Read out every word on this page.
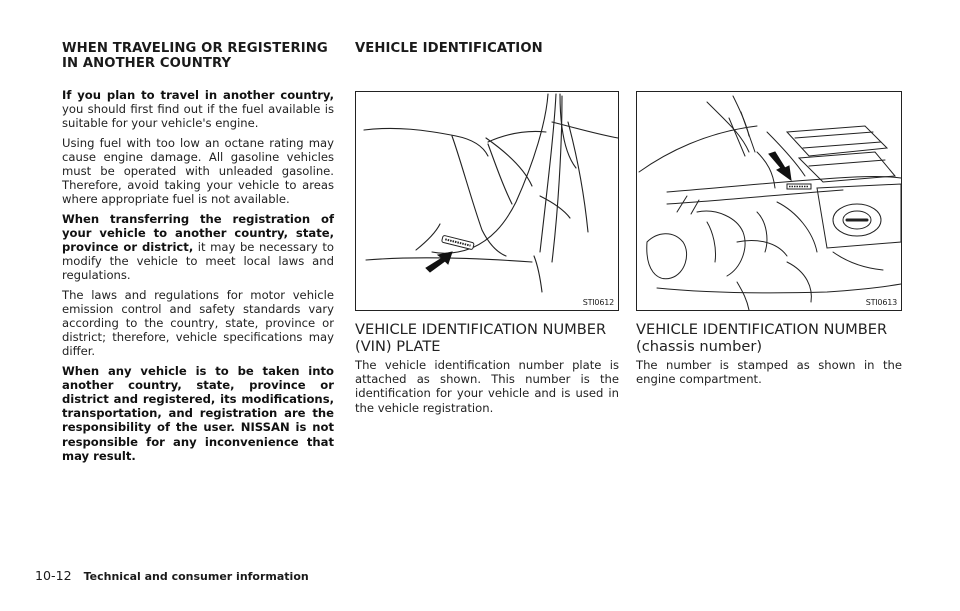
WHEN TRAVELING OR REGISTERING
IN ANOTHER COUNTRY

If you plan to travel in another country, you should first find out if the fuel available is suitable for your vehicle's engine.

Using fuel with too low an octane rating may cause engine damage. All gasoline vehicles must be operated with unleaded gasoline. Therefore, avoid taking your vehicle to areas where appropriate fuel is not available.

When transferring the registration of your vehicle to another country, state, province or district, it may be necessary to modify the vehicle to meet local laws and regulations.

The laws and regulations for motor vehicle emission control and safety standards vary according to the country, state, province or district; therefore, vehicle specifications may differ.

When any vehicle is to be taken into another country, state, province or district and registered, its modifications, transportation, and registration are the responsibility of the user. NISSAN is not responsible for any inconvenience that may result.

VEHICLE IDENTIFICATION
STI0612
VEHICLE IDENTIFICATION NUMBER
(VIN) PLATE

The vehicle identification number plate is attached as shown. This number is the identification for your vehicle and is used in the vehicle registration.

STI0613
VEHICLE IDENTIFICATION NUMBER
(chassis number)

The number is stamped as shown in the engine compartment.

10-12 Technical and consumer information
